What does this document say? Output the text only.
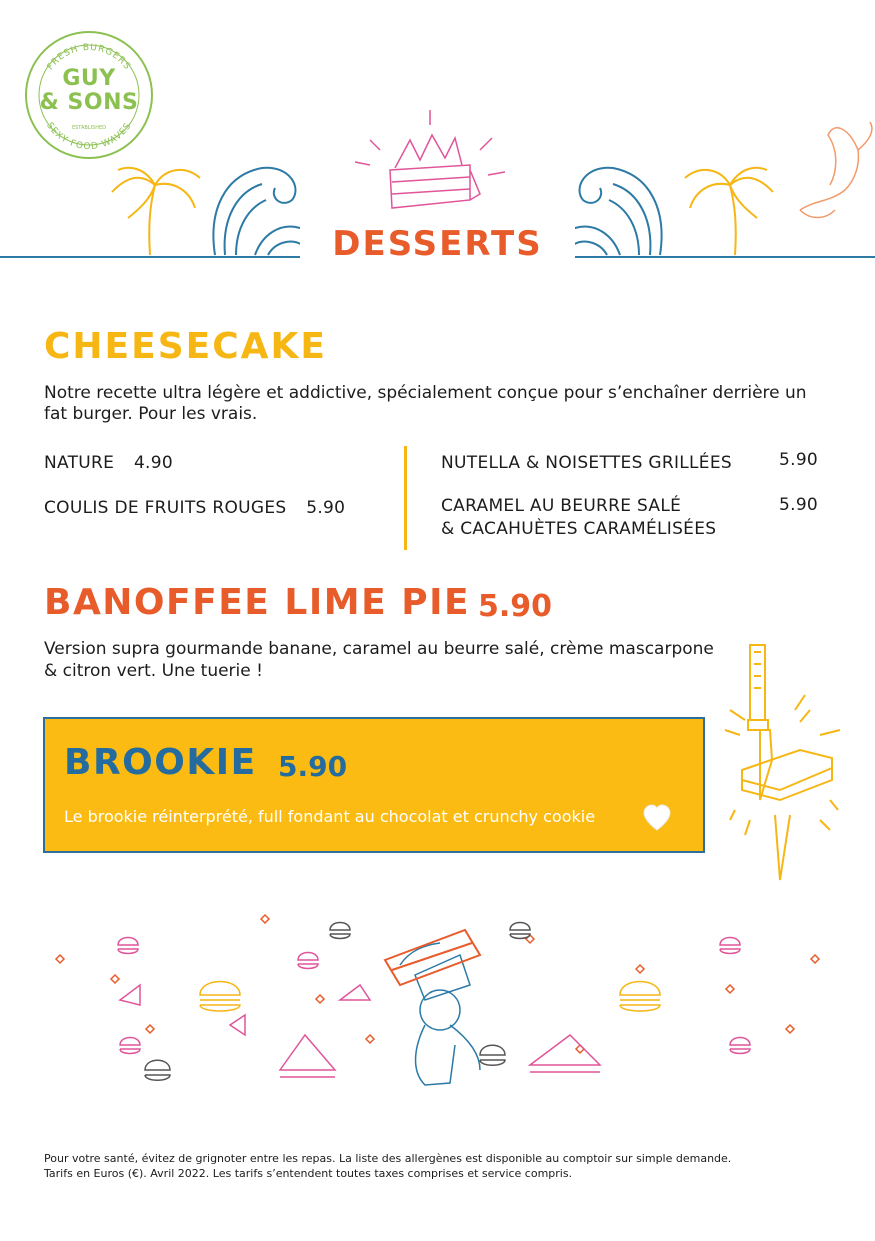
FRESH BURGERS
SEXY FOOD WAVES
ESTABLISHED
GUY
& SONS
DESSERTS
CHEESECAKE
Notre recette ultra légère et addictive, spécialement conçue pour s’enchaîner derrière un
fat burger. Pour les vrais.
NATURE 4.90
COULIS DE FRUITS ROUGES 5.90
NUTELLA & NOISETTES GRILLÉES	5.90
CARAMEL AU BEURRE SALÉ
& CACAHUÈTES CARAMÉLISÉES
5.90
BANOFFEE LIME PIE 5.90
Version supra gourmande banane, caramel au beurre salé, crème mascarpone
& citron vert. Une tuerie !
BROOKIE 5.90
Le brookie réinterprété, full fondant au chocolat et crunchy cookie
Pour votre santé, évitez de grignoter entre les repas. La liste des allergènes est disponible au comptoir sur simple demande.
Tarifs en Euros (€). Avril 2022. Les tarifs s’entendent toutes taxes comprises et service compris.
